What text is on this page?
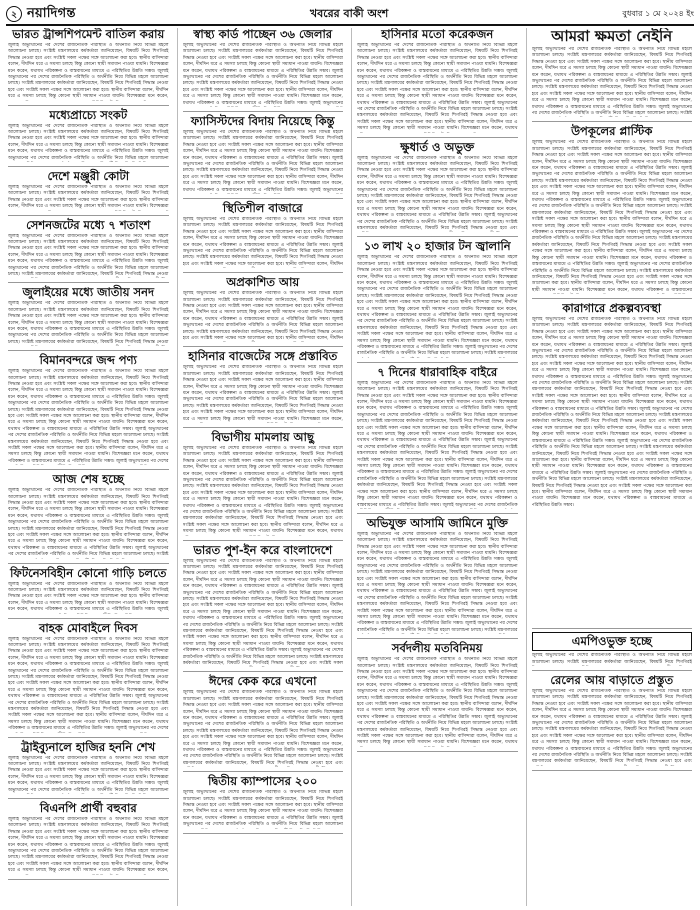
২ নয়াদিগন্ত	খবরের বাকী অংশ	বুধবার ১ মে ২০২৪ ইং
ভারত ট্রান্সশিপমেন্ট বাতিল করায়

জুলাই অভ্যুত্থানের পর দেশের রাজনৈতিক পরিস্থিতি ও অর্থনীতি নিয়ে বিভিন্ন মহলে আলোচনা চলছে। সংশ্লিষ্ট মন্ত্রণালয়ের কর্মকর্তারা জানিয়েছেন, বিষয়টি নিয়ে শিগগিরই সিদ্ধান্ত নেওয়া হবে এবং সংশ্লিষ্ট সকল পক্ষের সঙ্গে আলোচনা করা হবে। স্থানীয় বাসিন্দারা বলেন, দীর্ঘদিন ধরে এ সমস্যা চলছে কিন্তু কোনো স্থায়ী সমাধান পাওয়া যায়নি। বিশেষজ্ঞরা মনে করেন, যথাযথ পরিকল্পনা ও বাস্তবায়নের মাধ্যমে এ পরিস্থিতির উন্নতি সম্ভব। জুলাই অভ্যুত্থানের পর দেশের রাজনৈতিক পরিস্থিতি ও অর্থনীতি নিয়ে বিভিন্ন মহলে আলোচনা চলছে। সংশ্লিষ্ট মন্ত্রণালয়ের কর্মকর্তারা জানিয়েছেন, বিষয়টি নিয়ে শিগগিরই সিদ্ধান্ত নেওয়া হবে এবং সংশ্লিষ্ট সকল পক্ষের সঙ্গে আলোচনা করা হবে। স্থানীয় বাসিন্দারা বলেন, দীর্ঘদিন ধরে এ সমস্যা চলছে কিন্তু কোনো স্থায়ী সমাধান পাওয়া যায়নি। বিশেষজ্ঞরা মনে করেন,

মধ্যেপ্রাচ্যে সংকট

জুলাই অভ্যুত্থানের পর দেশের রাজনৈতিক পরিস্থিতি ও অর্থনীতি নিয়ে বিভিন্ন মহলে আলোচনা চলছে। সংশ্লিষ্ট মন্ত্রণালয়ের কর্মকর্তারা জানিয়েছেন, বিষয়টি নিয়ে শিগগিরই সিদ্ধান্ত নেওয়া হবে এবং সংশ্লিষ্ট সকল পক্ষের সঙ্গে আলোচনা করা হবে। স্থানীয় বাসিন্দারা বলেন, দীর্ঘদিন ধরে এ সমস্যা চলছে কিন্তু কোনো স্থায়ী সমাধান পাওয়া যায়নি। বিশেষজ্ঞরা মনে করেন, যথাযথ পরিকল্পনা ও বাস্তবায়নের মাধ্যমে এ পরিস্থিতির উন্নতি সম্ভব। জুলাই অভ্যুত্থানের পর দেশের রাজনৈতিক পরিস্থিতি ও অর্থনীতি নিয়ে বিভিন্ন মহলে আলোচনা

দেশে মঞ্জুরী কোটা

জুলাই অভ্যুত্থানের পর দেশের রাজনৈতিক পরিস্থিতি ও অর্থনীতি নিয়ে বিভিন্ন মহলে আলোচনা চলছে। সংশ্লিষ্ট মন্ত্রণালয়ের কর্মকর্তারা জানিয়েছেন, বিষয়টি নিয়ে শিগগিরই সিদ্ধান্ত নেওয়া হবে এবং সংশ্লিষ্ট সকল পক্ষের সঙ্গে আলোচনা করা হবে। স্থানীয় বাসিন্দারা বলেন, দীর্ঘদিন ধরে এ সমস্যা চলছে কিন্তু কোনো স্থায়ী সমাধান পাওয়া যায়নি। বিশেষজ্ঞরা

সেশনজটের মধ্যে ৭ শতাংশ

জুলাই অভ্যুত্থানের পর দেশের রাজনৈতিক পরিস্থিতি ও অর্থনীতি নিয়ে বিভিন্ন মহলে আলোচনা চলছে। সংশ্লিষ্ট মন্ত্রণালয়ের কর্মকর্তারা জানিয়েছেন, বিষয়টি নিয়ে শিগগিরই সিদ্ধান্ত নেওয়া হবে এবং সংশ্লিষ্ট সকল পক্ষের সঙ্গে আলোচনা করা হবে। স্থানীয় বাসিন্দারা বলেন, দীর্ঘদিন ধরে এ সমস্যা চলছে কিন্তু কোনো স্থায়ী সমাধান পাওয়া যায়নি। বিশেষজ্ঞরা মনে করেন, যথাযথ পরিকল্পনা ও বাস্তবায়নের মাধ্যমে এ পরিস্থিতির উন্নতি সম্ভব। জুলাই অভ্যুত্থানের পর দেশের রাজনৈতিক পরিস্থিতি ও অর্থনীতি নিয়ে বিভিন্ন মহলে আলোচনা চলছে। সংশ্লিষ্ট মন্ত্রণালয়ের কর্মকর্তারা জানিয়েছেন, বিষয়টি নিয়ে শিগগিরই সিদ্ধান্ত নেওয়া

জুলাইয়ের মধ্যে জাতীয় সনদ

জুলাই অভ্যুত্থানের পর দেশের রাজনৈতিক পরিস্থিতি ও অর্থনীতি নিয়ে বিভিন্ন মহলে আলোচনা চলছে। সংশ্লিষ্ট মন্ত্রণালয়ের কর্মকর্তারা জানিয়েছেন, বিষয়টি নিয়ে শিগগিরই সিদ্ধান্ত নেওয়া হবে এবং সংশ্লিষ্ট সকল পক্ষের সঙ্গে আলোচনা করা হবে। স্থানীয় বাসিন্দারা বলেন, দীর্ঘদিন ধরে এ সমস্যা চলছে কিন্তু কোনো স্থায়ী সমাধান পাওয়া যায়নি। বিশেষজ্ঞরা মনে করেন, যথাযথ পরিকল্পনা ও বাস্তবায়নের মাধ্যমে এ পরিস্থিতির উন্নতি সম্ভব। জুলাই অভ্যুত্থানের পর দেশের রাজনৈতিক পরিস্থিতি ও অর্থনীতি নিয়ে বিভিন্ন মহলে আলোচনা চলছে। সংশ্লিষ্ট মন্ত্রণালয়ের কর্মকর্তারা জানিয়েছেন, বিষয়টি নিয়ে শিগগিরই সিদ্ধান্ত নেওয়া

বিমানবন্দরে জব্দ পণ্য

জুলাই অভ্যুত্থানের পর দেশের রাজনৈতিক পরিস্থিতি ও অর্থনীতি নিয়ে বিভিন্ন মহলে আলোচনা চলছে। সংশ্লিষ্ট মন্ত্রণালয়ের কর্মকর্তারা জানিয়েছেন, বিষয়টি নিয়ে শিগগিরই সিদ্ধান্ত নেওয়া হবে এবং সংশ্লিষ্ট সকল পক্ষের সঙ্গে আলোচনা করা হবে। স্থানীয় বাসিন্দারা বলেন, দীর্ঘদিন ধরে এ সমস্যা চলছে কিন্তু কোনো স্থায়ী সমাধান পাওয়া যায়নি। বিশেষজ্ঞরা মনে করেন, যথাযথ পরিকল্পনা ও বাস্তবায়নের মাধ্যমে এ পরিস্থিতির উন্নতি সম্ভব। জুলাই অভ্যুত্থানের পর দেশের রাজনৈতিক পরিস্থিতি ও অর্থনীতি নিয়ে বিভিন্ন মহলে আলোচনা চলছে। সংশ্লিষ্ট মন্ত্রণালয়ের কর্মকর্তারা জানিয়েছেন, বিষয়টি নিয়ে শিগগিরই সিদ্ধান্ত নেওয়া হবে এবং সংশ্লিষ্ট সকল পক্ষের সঙ্গে আলোচনা করা হবে। স্থানীয় বাসিন্দারা বলেন, দীর্ঘদিন ধরে এ সমস্যা চলছে কিন্তু কোনো স্থায়ী সমাধান পাওয়া যায়নি। বিশেষজ্ঞরা মনে করেন, যথাযথ পরিকল্পনা ও বাস্তবায়নের মাধ্যমে এ পরিস্থিতির উন্নতি সম্ভব। জুলাই অভ্যুত্থানের পর দেশের রাজনৈতিক পরিস্থিতি ও অর্থনীতি নিয়ে বিভিন্ন মহলে আলোচনা চলছে। সংশ্লিষ্ট মন্ত্রণালয়ের কর্মকর্তারা জানিয়েছেন, বিষয়টি নিয়ে শিগগিরই সিদ্ধান্ত নেওয়া হবে এবং সংশ্লিষ্ট সকল পক্ষের সঙ্গে আলোচনা করা হবে। স্থানীয় বাসিন্দারা বলেন, দীর্ঘদিন ধরে এ সমস্যা চলছে কিন্তু কোনো স্থায়ী সমাধান পাওয়া যায়নি। বিশেষজ্ঞরা মনে করেন, যথাযথ পরিকল্পনা ও বাস্তবায়নের মাধ্যমে এ পরিস্থিতির উন্নতি সম্ভব। জুলাই অভ্যুত্থানের পর দেশের

আজ শেষ হচ্ছে

জুলাই অভ্যুত্থানের পর দেশের রাজনৈতিক পরিস্থিতি ও অর্থনীতি নিয়ে বিভিন্ন মহলে আলোচনা চলছে। সংশ্লিষ্ট মন্ত্রণালয়ের কর্মকর্তারা জানিয়েছেন, বিষয়টি নিয়ে শিগগিরই সিদ্ধান্ত নেওয়া হবে এবং সংশ্লিষ্ট সকল পক্ষের সঙ্গে আলোচনা করা হবে। স্থানীয় বাসিন্দারা বলেন, দীর্ঘদিন ধরে এ সমস্যা চলছে কিন্তু কোনো স্থায়ী সমাধান পাওয়া যায়নি। বিশেষজ্ঞরা মনে করেন, যথাযথ পরিকল্পনা ও বাস্তবায়নের মাধ্যমে এ পরিস্থিতির উন্নতি সম্ভব। জুলাই অভ্যুত্থানের পর দেশের রাজনৈতিক পরিস্থিতি ও অর্থনীতি নিয়ে বিভিন্ন মহলে আলোচনা চলছে। সংশ্লিষ্ট মন্ত্রণালয়ের কর্মকর্তারা জানিয়েছেন, বিষয়টি নিয়ে শিগগিরই সিদ্ধান্ত নেওয়া হবে এবং সংশ্লিষ্ট সকল পক্ষের সঙ্গে আলোচনা করা হবে। স্থানীয় বাসিন্দারা বলেন, দীর্ঘদিন ধরে এ সমস্যা চলছে কিন্তু কোনো স্থায়ী সমাধান পাওয়া যায়নি। বিশেষজ্ঞরা মনে করেন, যথাযথ পরিকল্পনা ও বাস্তবায়নের মাধ্যমে এ পরিস্থিতির উন্নতি সম্ভব। জুলাই অভ্যুত্থানের পর দেশের রাজনৈতিক পরিস্থিতি ও অর্থনীতি নিয়ে বিভিন্ন মহলে আলোচনা চলছে। সংশ্লিষ্ট

ফিটনেসবিহীন কোনো গাড়ি চলতে

জুলাই অভ্যুত্থানের পর দেশের রাজনৈতিক পরিস্থিতি ও অর্থনীতি নিয়ে বিভিন্ন মহলে আলোচনা চলছে। সংশ্লিষ্ট মন্ত্রণালয়ের কর্মকর্তারা জানিয়েছেন, বিষয়টি নিয়ে শিগগিরই সিদ্ধান্ত নেওয়া হবে এবং সংশ্লিষ্ট সকল পক্ষের সঙ্গে আলোচনা করা হবে। স্থানীয় বাসিন্দারা বলেন, দীর্ঘদিন ধরে এ সমস্যা চলছে কিন্তু কোনো স্থায়ী সমাধান পাওয়া যায়নি। বিশেষজ্ঞরা মনে করেন, যথাযথ পরিকল্পনা ও বাস্তবায়নের মাধ্যমে এ পরিস্থিতির উন্নতি সম্ভব। জুলাই

বাহক মোবাইলে দিবস

জুলাই অভ্যুত্থানের পর দেশের রাজনৈতিক পরিস্থিতি ও অর্থনীতি নিয়ে বিভিন্ন মহলে আলোচনা চলছে। সংশ্লিষ্ট মন্ত্রণালয়ের কর্মকর্তারা জানিয়েছেন, বিষয়টি নিয়ে শিগগিরই সিদ্ধান্ত নেওয়া হবে এবং সংশ্লিষ্ট সকল পক্ষের সঙ্গে আলোচনা করা হবে। স্থানীয় বাসিন্দারা বলেন, দীর্ঘদিন ধরে এ সমস্যা চলছে কিন্তু কোনো স্থায়ী সমাধান পাওয়া যায়নি। বিশেষজ্ঞরা মনে করেন, যথাযথ পরিকল্পনা ও বাস্তবায়নের মাধ্যমে এ পরিস্থিতির উন্নতি সম্ভব। জুলাই অভ্যুত্থানের পর দেশের রাজনৈতিক পরিস্থিতি ও অর্থনীতি নিয়ে বিভিন্ন মহলে আলোচনা চলছে। সংশ্লিষ্ট মন্ত্রণালয়ের কর্মকর্তারা জানিয়েছেন, বিষয়টি নিয়ে শিগগিরই সিদ্ধান্ত নেওয়া হবে এবং সংশ্লিষ্ট সকল পক্ষের সঙ্গে আলোচনা করা হবে। স্থানীয় বাসিন্দারা বলেন, দীর্ঘদিন ধরে এ সমস্যা চলছে কিন্তু কোনো স্থায়ী সমাধান পাওয়া যায়নি। বিশেষজ্ঞরা মনে করেন, যথাযথ পরিকল্পনা ও বাস্তবায়নের মাধ্যমে এ পরিস্থিতির উন্নতি সম্ভব। জুলাই অভ্যুত্থানের পর দেশের রাজনৈতিক পরিস্থিতি ও অর্থনীতি নিয়ে বিভিন্ন মহলে আলোচনা চলছে। সংশ্লিষ্ট মন্ত্রণালয়ের কর্মকর্তারা জানিয়েছেন, বিষয়টি নিয়ে শিগগিরই সিদ্ধান্ত নেওয়া হবে এবং সংশ্লিষ্ট সকল পক্ষের সঙ্গে আলোচনা করা হবে। স্থানীয় বাসিন্দারা বলেন, দীর্ঘদিন ধরে এ সমস্যা চলছে কিন্তু কোনো স্থায়ী সমাধান পাওয়া যায়নি। বিশেষজ্ঞরা মনে করেন, যথাযথ পরিকল্পনা ও বাস্তবায়নের মাধ্যমে এ পরিস্থিতির উন্নতি সম্ভব। জুলাই অভ্যুত্থানের পর দেশের

ট্রাইব্যুনালে হাজির হননি শেখ

জুলাই অভ্যুত্থানের পর দেশের রাজনৈতিক পরিস্থিতি ও অর্থনীতি নিয়ে বিভিন্ন মহলে আলোচনা চলছে। সংশ্লিষ্ট মন্ত্রণালয়ের কর্মকর্তারা জানিয়েছেন, বিষয়টি নিয়ে শিগগিরই সিদ্ধান্ত নেওয়া হবে এবং সংশ্লিষ্ট সকল পক্ষের সঙ্গে আলোচনা করা হবে। স্থানীয় বাসিন্দারা বলেন, দীর্ঘদিন ধরে এ সমস্যা চলছে কিন্তু কোনো স্থায়ী সমাধান পাওয়া যায়নি। বিশেষজ্ঞরা মনে করেন, যথাযথ পরিকল্পনা ও বাস্তবায়নের মাধ্যমে এ পরিস্থিতির উন্নতি সম্ভব। জুলাই অভ্যুত্থানের পর দেশের রাজনৈতিক পরিস্থিতি ও অর্থনীতি নিয়ে বিভিন্ন মহলে আলোচনা

বিএনপি প্রার্থী বহুবার

জুলাই অভ্যুত্থানের পর দেশের রাজনৈতিক পরিস্থিতি ও অর্থনীতি নিয়ে বিভিন্ন মহলে আলোচনা চলছে। সংশ্লিষ্ট মন্ত্রণালয়ের কর্মকর্তারা জানিয়েছেন, বিষয়টি নিয়ে শিগগিরই সিদ্ধান্ত নেওয়া হবে এবং সংশ্লিষ্ট সকল পক্ষের সঙ্গে আলোচনা করা হবে। স্থানীয় বাসিন্দারা বলেন, দীর্ঘদিন ধরে এ সমস্যা চলছে কিন্তু কোনো স্থায়ী সমাধান পাওয়া যায়নি। বিশেষজ্ঞরা মনে করেন, যথাযথ পরিকল্পনা ও বাস্তবায়নের মাধ্যমে এ পরিস্থিতির উন্নতি সম্ভব। জুলাই অভ্যুত্থানের পর দেশের রাজনৈতিক পরিস্থিতি ও অর্থনীতি নিয়ে বিভিন্ন মহলে আলোচনা চলছে। সংশ্লিষ্ট মন্ত্রণালয়ের কর্মকর্তারা জানিয়েছেন, বিষয়টি নিয়ে শিগগিরই সিদ্ধান্ত নেওয়া হবে এবং সংশ্লিষ্ট সকল পক্ষের সঙ্গে আলোচনা করা হবে। স্থানীয় বাসিন্দারা বলেন, দীর্ঘদিন ধরে এ সমস্যা চলছে কিন্তু কোনো স্থায়ী সমাধান পাওয়া যায়নি। বিশেষজ্ঞরা মনে করেন,

স্বাস্থ্য কার্ড পাচ্ছেন ৩৬ জেলার

জুলাই অভ্যুত্থানের পর দেশের রাজনৈতিক পরিস্থিতি ও অর্থনীতি নিয়ে বিভিন্ন মহলে আলোচনা চলছে। সংশ্লিষ্ট মন্ত্রণালয়ের কর্মকর্তারা জানিয়েছেন, বিষয়টি নিয়ে শিগগিরই সিদ্ধান্ত নেওয়া হবে এবং সংশ্লিষ্ট সকল পক্ষের সঙ্গে আলোচনা করা হবে। স্থানীয় বাসিন্দারা বলেন, দীর্ঘদিন ধরে এ সমস্যা চলছে কিন্তু কোনো স্থায়ী সমাধান পাওয়া যায়নি। বিশেষজ্ঞরা মনে করেন, যথাযথ পরিকল্পনা ও বাস্তবায়নের মাধ্যমে এ পরিস্থিতির উন্নতি সম্ভব। জুলাই অভ্যুত্থানের পর দেশের রাজনৈতিক পরিস্থিতি ও অর্থনীতি নিয়ে বিভিন্ন মহলে আলোচনা চলছে। সংশ্লিষ্ট মন্ত্রণালয়ের কর্মকর্তারা জানিয়েছেন, বিষয়টি নিয়ে শিগগিরই সিদ্ধান্ত নেওয়া হবে এবং সংশ্লিষ্ট সকল পক্ষের সঙ্গে আলোচনা করা হবে। স্থানীয় বাসিন্দারা বলেন, দীর্ঘদিন ধরে এ সমস্যা চলছে কিন্তু কোনো স্থায়ী সমাধান পাওয়া যায়নি। বিশেষজ্ঞরা মনে করেন, যথাযথ পরিকল্পনা ও বাস্তবায়নের মাধ্যমে এ পরিস্থিতির উন্নতি সম্ভব। জুলাই অভ্যুত্থানের

ফ্যাসিস্টদের বিদায় নিয়েছে কিন্তু

জুলাই অভ্যুত্থানের পর দেশের রাজনৈতিক পরিস্থিতি ও অর্থনীতি নিয়ে বিভিন্ন মহলে আলোচনা চলছে। সংশ্লিষ্ট মন্ত্রণালয়ের কর্মকর্তারা জানিয়েছেন, বিষয়টি নিয়ে শিগগিরই সিদ্ধান্ত নেওয়া হবে এবং সংশ্লিষ্ট সকল পক্ষের সঙ্গে আলোচনা করা হবে। স্থানীয় বাসিন্দারা বলেন, দীর্ঘদিন ধরে এ সমস্যা চলছে কিন্তু কোনো স্থায়ী সমাধান পাওয়া যায়নি। বিশেষজ্ঞরা মনে করেন, যথাযথ পরিকল্পনা ও বাস্তবায়নের মাধ্যমে এ পরিস্থিতির উন্নতি সম্ভব। জুলাই অভ্যুত্থানের পর দেশের রাজনৈতিক পরিস্থিতি ও অর্থনীতি নিয়ে বিভিন্ন মহলে আলোচনা চলছে। সংশ্লিষ্ট মন্ত্রণালয়ের কর্মকর্তারা জানিয়েছেন, বিষয়টি নিয়ে শিগগিরই সিদ্ধান্ত নেওয়া হবে এবং সংশ্লিষ্ট সকল পক্ষের সঙ্গে আলোচনা করা হবে। স্থানীয় বাসিন্দারা বলেন, দীর্ঘদিন ধরে এ সমস্যা চলছে কিন্তু কোনো স্থায়ী সমাধান পাওয়া যায়নি। বিশেষজ্ঞরা মনে করেন, যথাযথ পরিকল্পনা ও বাস্তবায়নের মাধ্যমে এ পরিস্থিতির উন্নতি সম্ভব। জুলাই অভ্যুত্থানের

স্থিতিশীল বাজারে

জুলাই অভ্যুত্থানের পর দেশের রাজনৈতিক পরিস্থিতি ও অর্থনীতি নিয়ে বিভিন্ন মহলে আলোচনা চলছে। সংশ্লিষ্ট মন্ত্রণালয়ের কর্মকর্তারা জানিয়েছেন, বিষয়টি নিয়ে শিগগিরই সিদ্ধান্ত নেওয়া হবে এবং সংশ্লিষ্ট সকল পক্ষের সঙ্গে আলোচনা করা হবে। স্থানীয় বাসিন্দারা বলেন, দীর্ঘদিন ধরে এ সমস্যা চলছে কিন্তু কোনো স্থায়ী সমাধান পাওয়া যায়নি। বিশেষজ্ঞরা মনে করেন, যথাযথ পরিকল্পনা ও বাস্তবায়নের মাধ্যমে এ পরিস্থিতির উন্নতি সম্ভব। জুলাই অভ্যুত্থানের পর দেশের রাজনৈতিক পরিস্থিতি ও অর্থনীতি নিয়ে বিভিন্ন মহলে আলোচনা চলছে। সংশ্লিষ্ট মন্ত্রণালয়ের কর্মকর্তারা জানিয়েছেন, বিষয়টি নিয়ে শিগগিরই সিদ্ধান্ত নেওয়া হবে এবং সংশ্লিষ্ট সকল পক্ষের সঙ্গে আলোচনা করা হবে। স্থানীয় বাসিন্দারা বলেন, দীর্ঘদিন

অপ্রকাশিত আয়

জুলাই অভ্যুত্থানের পর দেশের রাজনৈতিক পরিস্থিতি ও অর্থনীতি নিয়ে বিভিন্ন মহলে আলোচনা চলছে। সংশ্লিষ্ট মন্ত্রণালয়ের কর্মকর্তারা জানিয়েছেন, বিষয়টি নিয়ে শিগগিরই সিদ্ধান্ত নেওয়া হবে এবং সংশ্লিষ্ট সকল পক্ষের সঙ্গে আলোচনা করা হবে। স্থানীয় বাসিন্দারা বলেন, দীর্ঘদিন ধরে এ সমস্যা চলছে কিন্তু কোনো স্থায়ী সমাধান পাওয়া যায়নি। বিশেষজ্ঞরা মনে করেন, যথাযথ পরিকল্পনা ও বাস্তবায়নের মাধ্যমে এ পরিস্থিতির উন্নতি সম্ভব। জুলাই অভ্যুত্থানের পর দেশের রাজনৈতিক পরিস্থিতি ও অর্থনীতি নিয়ে বিভিন্ন মহলে আলোচনা চলছে। সংশ্লিষ্ট মন্ত্রণালয়ের কর্মকর্তারা জানিয়েছেন, বিষয়টি নিয়ে শিগগিরই সিদ্ধান্ত নেওয়া হবে এবং সংশ্লিষ্ট সকল পক্ষের সঙ্গে আলোচনা করা হবে। স্থানীয় বাসিন্দারা বলেন, দীর্ঘদিন

হাসিনার বাজেটের সঙ্গে প্রস্তাবিত

জুলাই অভ্যুত্থানের পর দেশের রাজনৈতিক পরিস্থিতি ও অর্থনীতি নিয়ে বিভিন্ন মহলে আলোচনা চলছে। সংশ্লিষ্ট মন্ত্রণালয়ের কর্মকর্তারা জানিয়েছেন, বিষয়টি নিয়ে শিগগিরই সিদ্ধান্ত নেওয়া হবে এবং সংশ্লিষ্ট সকল পক্ষের সঙ্গে আলোচনা করা হবে। স্থানীয় বাসিন্দারা বলেন, দীর্ঘদিন ধরে এ সমস্যা চলছে কিন্তু কোনো স্থায়ী সমাধান পাওয়া যায়নি। বিশেষজ্ঞরা মনে করেন, যথাযথ পরিকল্পনা ও বাস্তবায়নের মাধ্যমে এ পরিস্থিতির উন্নতি সম্ভব। জুলাই অভ্যুত্থানের পর দেশের রাজনৈতিক পরিস্থিতি ও অর্থনীতি নিয়ে বিভিন্ন মহলে আলোচনা চলছে। সংশ্লিষ্ট মন্ত্রণালয়ের কর্মকর্তারা জানিয়েছেন, বিষয়টি নিয়ে শিগগিরই সিদ্ধান্ত নেওয়া হবে এবং সংশ্লিষ্ট সকল পক্ষের সঙ্গে আলোচনা করা হবে। স্থানীয় বাসিন্দারা বলেন, দীর্ঘদিন ধরে এ সমস্যা চলছে কিন্তু কোনো স্থায়ী সমাধান পাওয়া যায়নি। বিশেষজ্ঞরা মনে করেন,

বিভাগীয় মামলায় আছু

জুলাই অভ্যুত্থানের পর দেশের রাজনৈতিক পরিস্থিতি ও অর্থনীতি নিয়ে বিভিন্ন মহলে আলোচনা চলছে। সংশ্লিষ্ট মন্ত্রণালয়ের কর্মকর্তারা জানিয়েছেন, বিষয়টি নিয়ে শিগগিরই সিদ্ধান্ত নেওয়া হবে এবং সংশ্লিষ্ট সকল পক্ষের সঙ্গে আলোচনা করা হবে। স্থানীয় বাসিন্দারা বলেন, দীর্ঘদিন ধরে এ সমস্যা চলছে কিন্তু কোনো স্থায়ী সমাধান পাওয়া যায়নি। বিশেষজ্ঞরা মনে করেন, যথাযথ পরিকল্পনা ও বাস্তবায়নের মাধ্যমে এ পরিস্থিতির উন্নতি সম্ভব। জুলাই অভ্যুত্থানের পর দেশের রাজনৈতিক পরিস্থিতি ও অর্থনীতি নিয়ে বিভিন্ন মহলে আলোচনা চলছে। সংশ্লিষ্ট মন্ত্রণালয়ের কর্মকর্তারা জানিয়েছেন, বিষয়টি নিয়ে শিগগিরই সিদ্ধান্ত নেওয়া হবে এবং সংশ্লিষ্ট সকল পক্ষের সঙ্গে আলোচনা করা হবে। স্থানীয় বাসিন্দারা বলেন, দীর্ঘদিন ধরে এ সমস্যা চলছে কিন্তু কোনো স্থায়ী সমাধান পাওয়া যায়নি। বিশেষজ্ঞরা মনে করেন, যথাযথ পরিকল্পনা ও বাস্তবায়নের মাধ্যমে এ পরিস্থিতির উন্নতি সম্ভব। জুলাই অভ্যুত্থানের পর দেশের রাজনৈতিক পরিস্থিতি ও অর্থনীতি নিয়ে বিভিন্ন মহলে আলোচনা চলছে। সংশ্লিষ্ট মন্ত্রণালয়ের কর্মকর্তারা জানিয়েছেন, বিষয়টি নিয়ে শিগগিরই সিদ্ধান্ত নেওয়া হবে এবং সংশ্লিষ্ট সকল পক্ষের সঙ্গে আলোচনা করা হবে। স্থানীয় বাসিন্দারা বলেন, দীর্ঘদিন ধরে এ সমস্যা চলছে কিন্তু কোনো স্থায়ী সমাধান পাওয়া যায়নি। বিশেষজ্ঞরা মনে করেন, যথাযথ

ভারত পুশ-ইন করে বাংলাদেশে

জুলাই অভ্যুত্থানের পর দেশের রাজনৈতিক পরিস্থিতি ও অর্থনীতি নিয়ে বিভিন্ন মহলে আলোচনা চলছে। সংশ্লিষ্ট মন্ত্রণালয়ের কর্মকর্তারা জানিয়েছেন, বিষয়টি নিয়ে শিগগিরই সিদ্ধান্ত নেওয়া হবে এবং সংশ্লিষ্ট সকল পক্ষের সঙ্গে আলোচনা করা হবে। স্থানীয় বাসিন্দারা বলেন, দীর্ঘদিন ধরে এ সমস্যা চলছে কিন্তু কোনো স্থায়ী সমাধান পাওয়া যায়নি। বিশেষজ্ঞরা মনে করেন, যথাযথ পরিকল্পনা ও বাস্তবায়নের মাধ্যমে এ পরিস্থিতির উন্নতি সম্ভব। জুলাই অভ্যুত্থানের পর দেশের রাজনৈতিক পরিস্থিতি ও অর্থনীতি নিয়ে বিভিন্ন মহলে আলোচনা চলছে। সংশ্লিষ্ট মন্ত্রণালয়ের কর্মকর্তারা জানিয়েছেন, বিষয়টি নিয়ে শিগগিরই সিদ্ধান্ত নেওয়া হবে এবং সংশ্লিষ্ট সকল পক্ষের সঙ্গে আলোচনা করা হবে। স্থানীয় বাসিন্দারা বলেন, দীর্ঘদিন ধরে এ সমস্যা চলছে কিন্তু কোনো স্থায়ী সমাধান পাওয়া যায়নি। বিশেষজ্ঞরা মনে করেন, যথাযথ পরিকল্পনা ও বাস্তবায়নের মাধ্যমে এ পরিস্থিতির উন্নতি সম্ভব। জুলাই অভ্যুত্থানের পর দেশের রাজনৈতিক পরিস্থিতি ও অর্থনীতি নিয়ে বিভিন্ন মহলে আলোচনা চলছে। সংশ্লিষ্ট মন্ত্রণালয়ের কর্মকর্তারা জানিয়েছেন, বিষয়টি নিয়ে শিগগিরই সিদ্ধান্ত নেওয়া হবে এবং সংশ্লিষ্ট সকল পক্ষের সঙ্গে আলোচনা করা হবে। স্থানীয় বাসিন্দারা বলেন, দীর্ঘদিন ধরে এ সমস্যা চলছে কিন্তু কোনো স্থায়ী সমাধান পাওয়া যায়নি। বিশেষজ্ঞরা মনে করেন, যথাযথ পরিকল্পনা ও বাস্তবায়নের মাধ্যমে এ পরিস্থিতির উন্নতি সম্ভব। জুলাই অভ্যুত্থানের পর দেশের রাজনৈতিক পরিস্থিতি ও অর্থনীতি নিয়ে বিভিন্ন মহলে আলোচনা চলছে। সংশ্লিষ্ট মন্ত্রণালয়ের কর্মকর্তারা জানিয়েছেন, বিষয়টি নিয়ে শিগগিরই সিদ্ধান্ত নেওয়া হবে এবং সংশ্লিষ্ট সকল

ঈদের কেক করে এখনো

জুলাই অভ্যুত্থানের পর দেশের রাজনৈতিক পরিস্থিতি ও অর্থনীতি নিয়ে বিভিন্ন মহলে আলোচনা চলছে। সংশ্লিষ্ট মন্ত্রণালয়ের কর্মকর্তারা জানিয়েছেন, বিষয়টি নিয়ে শিগগিরই সিদ্ধান্ত নেওয়া হবে এবং সংশ্লিষ্ট সকল পক্ষের সঙ্গে আলোচনা করা হবে। স্থানীয় বাসিন্দারা বলেন, দীর্ঘদিন ধরে এ সমস্যা চলছে কিন্তু কোনো স্থায়ী সমাধান পাওয়া যায়নি। বিশেষজ্ঞরা মনে করেন, যথাযথ পরিকল্পনা ও বাস্তবায়নের মাধ্যমে এ পরিস্থিতির উন্নতি সম্ভব। জুলাই অভ্যুত্থানের পর দেশের রাজনৈতিক পরিস্থিতি ও অর্থনীতি নিয়ে বিভিন্ন মহলে আলোচনা চলছে। সংশ্লিষ্ট মন্ত্রণালয়ের কর্মকর্তারা জানিয়েছেন, বিষয়টি নিয়ে শিগগিরই সিদ্ধান্ত নেওয়া হবে এবং সংশ্লিষ্ট সকল পক্ষের সঙ্গে আলোচনা করা হবে। স্থানীয় বাসিন্দারা বলেন, দীর্ঘদিন ধরে এ সমস্যা চলছে কিন্তু কোনো স্থায়ী সমাধান পাওয়া যায়নি। বিশেষজ্ঞরা মনে করেন, যথাযথ পরিকল্পনা ও বাস্তবায়নের মাধ্যমে এ পরিস্থিতির উন্নতি সম্ভব। জুলাই অভ্যুত্থানের পর দেশের রাজনৈতিক পরিস্থিতি ও অর্থনীতি নিয়ে বিভিন্ন মহলে আলোচনা চলছে। সংশ্লিষ্ট মন্ত্রণালয়ের কর্মকর্তারা জানিয়েছেন, বিষয়টি নিয়ে শিগগিরই সিদ্ধান্ত নেওয়া হবে এবং

দ্বিতীয় ক্যাম্পাসের ২০০

জুলাই অভ্যুত্থানের পর দেশের রাজনৈতিক পরিস্থিতি ও অর্থনীতি নিয়ে বিভিন্ন মহলে আলোচনা চলছে। সংশ্লিষ্ট মন্ত্রণালয়ের কর্মকর্তারা জানিয়েছেন, বিষয়টি নিয়ে শিগগিরই সিদ্ধান্ত নেওয়া হবে এবং সংশ্লিষ্ট সকল পক্ষের সঙ্গে আলোচনা করা হবে। স্থানীয় বাসিন্দারা বলেন, দীর্ঘদিন ধরে এ সমস্যা চলছে কিন্তু কোনো স্থায়ী সমাধান পাওয়া যায়নি। বিশেষজ্ঞরা মনে করেন, যথাযথ পরিকল্পনা ও বাস্তবায়নের মাধ্যমে এ পরিস্থিতির উন্নতি সম্ভব। জুলাই অভ্যুত্থানের পর দেশের রাজনৈতিক পরিস্থিতি ও অর্থনীতি নিয়ে বিভিন্ন মহলে আলোচনা

হাসিনার মতো করেকজন

জুলাই অভ্যুত্থানের পর দেশের রাজনৈতিক পরিস্থিতি ও অর্থনীতি নিয়ে বিভিন্ন মহলে আলোচনা চলছে। সংশ্লিষ্ট মন্ত্রণালয়ের কর্মকর্তারা জানিয়েছেন, বিষয়টি নিয়ে শিগগিরই সিদ্ধান্ত নেওয়া হবে এবং সংশ্লিষ্ট সকল পক্ষের সঙ্গে আলোচনা করা হবে। স্থানীয় বাসিন্দারা বলেন, দীর্ঘদিন ধরে এ সমস্যা চলছে কিন্তু কোনো স্থায়ী সমাধান পাওয়া যায়নি। বিশেষজ্ঞরা মনে করেন, যথাযথ পরিকল্পনা ও বাস্তবায়নের মাধ্যমে এ পরিস্থিতির উন্নতি সম্ভব। জুলাই অভ্যুত্থানের পর দেশের রাজনৈতিক পরিস্থিতি ও অর্থনীতি নিয়ে বিভিন্ন মহলে আলোচনা চলছে। সংশ্লিষ্ট মন্ত্রণালয়ের কর্মকর্তারা জানিয়েছেন, বিষয়টি নিয়ে শিগগিরই সিদ্ধান্ত নেওয়া হবে এবং সংশ্লিষ্ট সকল পক্ষের সঙ্গে আলোচনা করা হবে। স্থানীয় বাসিন্দারা বলেন, দীর্ঘদিন ধরে এ সমস্যা চলছে কিন্তু কোনো স্থায়ী সমাধান পাওয়া যায়নি। বিশেষজ্ঞরা মনে করেন, যথাযথ পরিকল্পনা ও বাস্তবায়নের মাধ্যমে এ পরিস্থিতির উন্নতি সম্ভব। জুলাই অভ্যুত্থানের পর দেশের রাজনৈতিক পরিস্থিতি ও অর্থনীতি নিয়ে বিভিন্ন মহলে আলোচনা চলছে। সংশ্লিষ্ট মন্ত্রণালয়ের কর্মকর্তারা জানিয়েছেন, বিষয়টি নিয়ে শিগগিরই সিদ্ধান্ত নেওয়া হবে এবং সংশ্লিষ্ট সকল পক্ষের সঙ্গে আলোচনা করা হবে। স্থানীয় বাসিন্দারা বলেন, দীর্ঘদিন ধরে এ সমস্যা চলছে কিন্তু কোনো স্থায়ী সমাধান পাওয়া যায়নি। বিশেষজ্ঞরা মনে করেন, যথাযথ

ক্ষুধার্ত ও অভুক্ত

জুলাই অভ্যুত্থানের পর দেশের রাজনৈতিক পরিস্থিতি ও অর্থনীতি নিয়ে বিভিন্ন মহলে আলোচনা চলছে। সংশ্লিষ্ট মন্ত্রণালয়ের কর্মকর্তারা জানিয়েছেন, বিষয়টি নিয়ে শিগগিরই সিদ্ধান্ত নেওয়া হবে এবং সংশ্লিষ্ট সকল পক্ষের সঙ্গে আলোচনা করা হবে। স্থানীয় বাসিন্দারা বলেন, দীর্ঘদিন ধরে এ সমস্যা চলছে কিন্তু কোনো স্থায়ী সমাধান পাওয়া যায়নি। বিশেষজ্ঞরা মনে করেন, যথাযথ পরিকল্পনা ও বাস্তবায়নের মাধ্যমে এ পরিস্থিতির উন্নতি সম্ভব। জুলাই অভ্যুত্থানের পর দেশের রাজনৈতিক পরিস্থিতি ও অর্থনীতি নিয়ে বিভিন্ন মহলে আলোচনা চলছে। সংশ্লিষ্ট মন্ত্রণালয়ের কর্মকর্তারা জানিয়েছেন, বিষয়টি নিয়ে শিগগিরই সিদ্ধান্ত নেওয়া হবে এবং সংশ্লিষ্ট সকল পক্ষের সঙ্গে আলোচনা করা হবে। স্থানীয় বাসিন্দারা বলেন, দীর্ঘদিন ধরে এ সমস্যা চলছে কিন্তু কোনো স্থায়ী সমাধান পাওয়া যায়নি। বিশেষজ্ঞরা মনে করেন, যথাযথ পরিকল্পনা ও বাস্তবায়নের মাধ্যমে এ পরিস্থিতির উন্নতি সম্ভব। জুলাই অভ্যুত্থানের পর দেশের রাজনৈতিক পরিস্থিতি ও অর্থনীতি নিয়ে বিভিন্ন মহলে আলোচনা চলছে। সংশ্লিষ্ট মন্ত্রণালয়ের কর্মকর্তারা জানিয়েছেন, বিষয়টি নিয়ে শিগগিরই সিদ্ধান্ত নেওয়া হবে এবং

১৩ লাখ ২০ হাজার টন জ্বালানি

জুলাই অভ্যুত্থানের পর দেশের রাজনৈতিক পরিস্থিতি ও অর্থনীতি নিয়ে বিভিন্ন মহলে আলোচনা চলছে। সংশ্লিষ্ট মন্ত্রণালয়ের কর্মকর্তারা জানিয়েছেন, বিষয়টি নিয়ে শিগগিরই সিদ্ধান্ত নেওয়া হবে এবং সংশ্লিষ্ট সকল পক্ষের সঙ্গে আলোচনা করা হবে। স্থানীয় বাসিন্দারা বলেন, দীর্ঘদিন ধরে এ সমস্যা চলছে কিন্তু কোনো স্থায়ী সমাধান পাওয়া যায়নি। বিশেষজ্ঞরা মনে করেন, যথাযথ পরিকল্পনা ও বাস্তবায়নের মাধ্যমে এ পরিস্থিতির উন্নতি সম্ভব। জুলাই অভ্যুত্থানের পর দেশের রাজনৈতিক পরিস্থিতি ও অর্থনীতি নিয়ে বিভিন্ন মহলে আলোচনা চলছে। সংশ্লিষ্ট মন্ত্রণালয়ের কর্মকর্তারা জানিয়েছেন, বিষয়টি নিয়ে শিগগিরই সিদ্ধান্ত নেওয়া হবে এবং সংশ্লিষ্ট সকল পক্ষের সঙ্গে আলোচনা করা হবে। স্থানীয় বাসিন্দারা বলেন, দীর্ঘদিন ধরে এ সমস্যা চলছে কিন্তু কোনো স্থায়ী সমাধান পাওয়া যায়নি। বিশেষজ্ঞরা মনে করেন, যথাযথ পরিকল্পনা ও বাস্তবায়নের মাধ্যমে এ পরিস্থিতির উন্নতি সম্ভব। জুলাই অভ্যুত্থানের পর দেশের রাজনৈতিক পরিস্থিতি ও অর্থনীতি নিয়ে বিভিন্ন মহলে আলোচনা চলছে। সংশ্লিষ্ট মন্ত্রণালয়ের কর্মকর্তারা জানিয়েছেন, বিষয়টি নিয়ে শিগগিরই সিদ্ধান্ত নেওয়া হবে এবং সংশ্লিষ্ট সকল পক্ষের সঙ্গে আলোচনা করা হবে। স্থানীয় বাসিন্দারা বলেন, দীর্ঘদিন ধরে এ সমস্যা চলছে কিন্তু কোনো স্থায়ী সমাধান পাওয়া যায়নি। বিশেষজ্ঞরা মনে করেন, যথাযথ পরিকল্পনা ও বাস্তবায়নের মাধ্যমে এ পরিস্থিতির উন্নতি সম্ভব। জুলাই অভ্যুত্থানের পর দেশের রাজনৈতিক পরিস্থিতি ও অর্থনীতি নিয়ে বিভিন্ন মহলে আলোচনা চলছে। সংশ্লিষ্ট মন্ত্রণালয়ের

৭ দিনের ধারাবাহিক বাইরে

জুলাই অভ্যুত্থানের পর দেশের রাজনৈতিক পরিস্থিতি ও অর্থনীতি নিয়ে বিভিন্ন মহলে আলোচনা চলছে। সংশ্লিষ্ট মন্ত্রণালয়ের কর্মকর্তারা জানিয়েছেন, বিষয়টি নিয়ে শিগগিরই সিদ্ধান্ত নেওয়া হবে এবং সংশ্লিষ্ট সকল পক্ষের সঙ্গে আলোচনা করা হবে। স্থানীয় বাসিন্দারা বলেন, দীর্ঘদিন ধরে এ সমস্যা চলছে কিন্তু কোনো স্থায়ী সমাধান পাওয়া যায়নি। বিশেষজ্ঞরা মনে করেন, যথাযথ পরিকল্পনা ও বাস্তবায়নের মাধ্যমে এ পরিস্থিতির উন্নতি সম্ভব। জুলাই অভ্যুত্থানের পর দেশের রাজনৈতিক পরিস্থিতি ও অর্থনীতি নিয়ে বিভিন্ন মহলে আলোচনা চলছে। সংশ্লিষ্ট মন্ত্রণালয়ের কর্মকর্তারা জানিয়েছেন, বিষয়টি নিয়ে শিগগিরই সিদ্ধান্ত নেওয়া হবে এবং সংশ্লিষ্ট সকল পক্ষের সঙ্গে আলোচনা করা হবে। স্থানীয় বাসিন্দারা বলেন, দীর্ঘদিন ধরে এ সমস্যা চলছে কিন্তু কোনো স্থায়ী সমাধান পাওয়া যায়নি। বিশেষজ্ঞরা মনে করেন, যথাযথ পরিকল্পনা ও বাস্তবায়নের মাধ্যমে এ পরিস্থিতির উন্নতি সম্ভব। জুলাই অভ্যুত্থানের পর দেশের রাজনৈতিক পরিস্থিতি ও অর্থনীতি নিয়ে বিভিন্ন মহলে আলোচনা চলছে। সংশ্লিষ্ট মন্ত্রণালয়ের কর্মকর্তারা জানিয়েছেন, বিষয়টি নিয়ে শিগগিরই সিদ্ধান্ত নেওয়া হবে এবং সংশ্লিষ্ট সকল পক্ষের সঙ্গে আলোচনা করা হবে। স্থানীয় বাসিন্দারা বলেন, দীর্ঘদিন ধরে এ সমস্যা চলছে কিন্তু কোনো স্থায়ী সমাধান পাওয়া যায়নি। বিশেষজ্ঞরা মনে করেন, যথাযথ পরিকল্পনা ও বাস্তবায়নের মাধ্যমে এ পরিস্থিতির উন্নতি সম্ভব। জুলাই অভ্যুত্থানের পর দেশের রাজনৈতিক পরিস্থিতি ও অর্থনীতি নিয়ে বিভিন্ন মহলে আলোচনা চলছে। সংশ্লিষ্ট মন্ত্রণালয়ের কর্মকর্তারা জানিয়েছেন, বিষয়টি নিয়ে শিগগিরই সিদ্ধান্ত নেওয়া হবে এবং সংশ্লিষ্ট সকল পক্ষের সঙ্গে আলোচনা করা হবে। স্থানীয় বাসিন্দারা বলেন, দীর্ঘদিন ধরে এ সমস্যা চলছে কিন্তু কোনো স্থায়ী সমাধান পাওয়া যায়নি। বিশেষজ্ঞরা মনে করেন, যথাযথ পরিকল্পনা ও বাস্তবায়নের মাধ্যমে এ পরিস্থিতির উন্নতি সম্ভব। জুলাই অভ্যুত্থানের পর দেশের রাজনৈতিক

অভিযুক্ত আসামি জামিনে মুক্তি

জুলাই অভ্যুত্থানের পর দেশের রাজনৈতিক পরিস্থিতি ও অর্থনীতি নিয়ে বিভিন্ন মহলে আলোচনা চলছে। সংশ্লিষ্ট মন্ত্রণালয়ের কর্মকর্তারা জানিয়েছেন, বিষয়টি নিয়ে শিগগিরই সিদ্ধান্ত নেওয়া হবে এবং সংশ্লিষ্ট সকল পক্ষের সঙ্গে আলোচনা করা হবে। স্থানীয় বাসিন্দারা বলেন, দীর্ঘদিন ধরে এ সমস্যা চলছে কিন্তু কোনো স্থায়ী সমাধান পাওয়া যায়নি। বিশেষজ্ঞরা মনে করেন, যথাযথ পরিকল্পনা ও বাস্তবায়নের মাধ্যমে এ পরিস্থিতির উন্নতি সম্ভব। জুলাই অভ্যুত্থানের পর দেশের রাজনৈতিক পরিস্থিতি ও অর্থনীতি নিয়ে বিভিন্ন মহলে আলোচনা চলছে। সংশ্লিষ্ট মন্ত্রণালয়ের কর্মকর্তারা জানিয়েছেন, বিষয়টি নিয়ে শিগগিরই সিদ্ধান্ত নেওয়া হবে এবং সংশ্লিষ্ট সকল পক্ষের সঙ্গে আলোচনা করা হবে। স্থানীয় বাসিন্দারা বলেন, দীর্ঘদিন ধরে এ সমস্যা চলছে কিন্তু কোনো স্থায়ী সমাধান পাওয়া যায়নি। বিশেষজ্ঞরা মনে করেন, যথাযথ পরিকল্পনা ও বাস্তবায়নের মাধ্যমে এ পরিস্থিতির উন্নতি সম্ভব। জুলাই অভ্যুত্থানের পর দেশের রাজনৈতিক পরিস্থিতি ও অর্থনীতি নিয়ে বিভিন্ন মহলে আলোচনা চলছে। সংশ্লিষ্ট মন্ত্রণালয়ের কর্মকর্তারা জানিয়েছেন, বিষয়টি নিয়ে শিগগিরই সিদ্ধান্ত নেওয়া হবে এবং সংশ্লিষ্ট সকল পক্ষের সঙ্গে আলোচনা করা হবে। স্থানীয় বাসিন্দারা বলেন, দীর্ঘদিন ধরে এ সমস্যা চলছে কিন্তু কোনো স্থায়ী সমাধান পাওয়া যায়নি। বিশেষজ্ঞরা মনে করেন, যথাযথ পরিকল্পনা ও বাস্তবায়নের মাধ্যমে এ পরিস্থিতির উন্নতি সম্ভব। জুলাই অভ্যুত্থানের পর দেশের রাজনৈতিক পরিস্থিতি ও অর্থনীতি নিয়ে বিভিন্ন মহলে আলোচনা চলছে। সংশ্লিষ্ট মন্ত্রণালয়ের

সর্বদলীয় মতবিনিময়

জুলাই অভ্যুত্থানের পর দেশের রাজনৈতিক পরিস্থিতি ও অর্থনীতি নিয়ে বিভিন্ন মহলে আলোচনা চলছে। সংশ্লিষ্ট মন্ত্রণালয়ের কর্মকর্তারা জানিয়েছেন, বিষয়টি নিয়ে শিগগিরই সিদ্ধান্ত নেওয়া হবে এবং সংশ্লিষ্ট সকল পক্ষের সঙ্গে আলোচনা করা হবে। স্থানীয় বাসিন্দারা বলেন, দীর্ঘদিন ধরে এ সমস্যা চলছে কিন্তু কোনো স্থায়ী সমাধান পাওয়া যায়নি। বিশেষজ্ঞরা মনে করেন, যথাযথ পরিকল্পনা ও বাস্তবায়নের মাধ্যমে এ পরিস্থিতির উন্নতি সম্ভব। জুলাই অভ্যুত্থানের পর দেশের রাজনৈতিক পরিস্থিতি ও অর্থনীতি নিয়ে বিভিন্ন মহলে আলোচনা চলছে। সংশ্লিষ্ট মন্ত্রণালয়ের কর্মকর্তারা জানিয়েছেন, বিষয়টি নিয়ে শিগগিরই সিদ্ধান্ত নেওয়া হবে এবং সংশ্লিষ্ট সকল পক্ষের সঙ্গে আলোচনা করা হবে। স্থানীয় বাসিন্দারা বলেন, দীর্ঘদিন ধরে এ সমস্যা চলছে কিন্তু কোনো স্থায়ী সমাধান পাওয়া যায়নি। বিশেষজ্ঞরা মনে করেন, যথাযথ পরিকল্পনা ও বাস্তবায়নের মাধ্যমে এ পরিস্থিতির উন্নতি সম্ভব। জুলাই অভ্যুত্থানের পর দেশের রাজনৈতিক পরিস্থিতি ও অর্থনীতি নিয়ে বিভিন্ন মহলে আলোচনা চলছে। সংশ্লিষ্ট মন্ত্রণালয়ের কর্মকর্তারা জানিয়েছেন, বিষয়টি নিয়ে শিগগিরই সিদ্ধান্ত নেওয়া হবে এবং সংশ্লিষ্ট সকল পক্ষের সঙ্গে আলোচনা করা হবে। স্থানীয় বাসিন্দারা বলেন, দীর্ঘদিন ধরে এ সমস্যা চলছে কিন্তু কোনো স্থায়ী সমাধান পাওয়া যায়নি। বিশেষজ্ঞরা মনে করেন, যথাযথ

আমরা ক্ষমতা নেইনি

জুলাই অভ্যুত্থানের পর দেশের রাজনৈতিক পরিস্থিতি ও অর্থনীতি নিয়ে বিভিন্ন মহলে আলোচনা চলছে। সংশ্লিষ্ট মন্ত্রণালয়ের কর্মকর্তারা জানিয়েছেন, বিষয়টি নিয়ে শিগগিরই সিদ্ধান্ত নেওয়া হবে এবং সংশ্লিষ্ট সকল পক্ষের সঙ্গে আলোচনা করা হবে। স্থানীয় বাসিন্দারা বলেন, দীর্ঘদিন ধরে এ সমস্যা চলছে কিন্তু কোনো স্থায়ী সমাধান পাওয়া যায়নি। বিশেষজ্ঞরা মনে করেন, যথাযথ পরিকল্পনা ও বাস্তবায়নের মাধ্যমে এ পরিস্থিতির উন্নতি সম্ভব। জুলাই অভ্যুত্থানের পর দেশের রাজনৈতিক পরিস্থিতি ও অর্থনীতি নিয়ে বিভিন্ন মহলে আলোচনা চলছে। সংশ্লিষ্ট মন্ত্রণালয়ের কর্মকর্তারা জানিয়েছেন, বিষয়টি নিয়ে শিগগিরই সিদ্ধান্ত নেওয়া হবে এবং সংশ্লিষ্ট সকল পক্ষের সঙ্গে আলোচনা করা হবে। স্থানীয় বাসিন্দারা বলেন, দীর্ঘদিন ধরে এ সমস্যা চলছে কিন্তু কোনো স্থায়ী সমাধান পাওয়া যায়নি। বিশেষজ্ঞরা মনে করেন, যথাযথ পরিকল্পনা ও বাস্তবায়নের মাধ্যমে এ পরিস্থিতির উন্নতি সম্ভব। জুলাই অভ্যুত্থানের পর দেশের রাজনৈতিক পরিস্থিতি ও অর্থনীতি নিয়ে বিভিন্ন মহলে আলোচনা চলছে। সংশ্লিষ্ট

উপকূলের প্লাস্টিক

জুলাই অভ্যুত্থানের পর দেশের রাজনৈতিক পরিস্থিতি ও অর্থনীতি নিয়ে বিভিন্ন মহলে আলোচনা চলছে। সংশ্লিষ্ট মন্ত্রণালয়ের কর্মকর্তারা জানিয়েছেন, বিষয়টি নিয়ে শিগগিরই সিদ্ধান্ত নেওয়া হবে এবং সংশ্লিষ্ট সকল পক্ষের সঙ্গে আলোচনা করা হবে। স্থানীয় বাসিন্দারা বলেন, দীর্ঘদিন ধরে এ সমস্যা চলছে কিন্তু কোনো স্থায়ী সমাধান পাওয়া যায়নি। বিশেষজ্ঞরা মনে করেন, যথাযথ পরিকল্পনা ও বাস্তবায়নের মাধ্যমে এ পরিস্থিতির উন্নতি সম্ভব। জুলাই অভ্যুত্থানের পর দেশের রাজনৈতিক পরিস্থিতি ও অর্থনীতি নিয়ে বিভিন্ন মহলে আলোচনা চলছে। সংশ্লিষ্ট মন্ত্রণালয়ের কর্মকর্তারা জানিয়েছেন, বিষয়টি নিয়ে শিগগিরই সিদ্ধান্ত নেওয়া হবে এবং সংশ্লিষ্ট সকল পক্ষের সঙ্গে আলোচনা করা হবে। স্থানীয় বাসিন্দারা বলেন, দীর্ঘদিন ধরে এ সমস্যা চলছে কিন্তু কোনো স্থায়ী সমাধান পাওয়া যায়নি। বিশেষজ্ঞরা মনে করেন, যথাযথ পরিকল্পনা ও বাস্তবায়নের মাধ্যমে এ পরিস্থিতির উন্নতি সম্ভব। জুলাই অভ্যুত্থানের পর দেশের রাজনৈতিক পরিস্থিতি ও অর্থনীতি নিয়ে বিভিন্ন মহলে আলোচনা চলছে। সংশ্লিষ্ট মন্ত্রণালয়ের কর্মকর্তারা জানিয়েছেন, বিষয়টি নিয়ে শিগগিরই সিদ্ধান্ত নেওয়া হবে এবং সংশ্লিষ্ট সকল পক্ষের সঙ্গে আলোচনা করা হবে। স্থানীয় বাসিন্দারা বলেন, দীর্ঘদিন ধরে এ সমস্যা চলছে কিন্তু কোনো স্থায়ী সমাধান পাওয়া যায়নি। বিশেষজ্ঞরা মনে করেন, যথাযথ পরিকল্পনা ও বাস্তবায়নের মাধ্যমে এ পরিস্থিতির উন্নতি সম্ভব। জুলাই অভ্যুত্থানের পর দেশের রাজনৈতিক পরিস্থিতি ও অর্থনীতি নিয়ে বিভিন্ন মহলে আলোচনা চলছে। সংশ্লিষ্ট মন্ত্রণালয়ের কর্মকর্তারা জানিয়েছেন, বিষয়টি নিয়ে শিগগিরই সিদ্ধান্ত নেওয়া হবে এবং সংশ্লিষ্ট সকল পক্ষের সঙ্গে আলোচনা করা হবে। স্থানীয় বাসিন্দারা বলেন, দীর্ঘদিন ধরে এ সমস্যা চলছে কিন্তু কোনো স্থায়ী সমাধান পাওয়া যায়নি। বিশেষজ্ঞরা মনে করেন, যথাযথ পরিকল্পনা ও বাস্তবায়নের মাধ্যমে এ পরিস্থিতির উন্নতি সম্ভব। জুলাই অভ্যুত্থানের পর দেশের রাজনৈতিক পরিস্থিতি ও অর্থনীতি নিয়ে বিভিন্ন মহলে আলোচনা চলছে। সংশ্লিষ্ট মন্ত্রণালয়ের কর্মকর্তারা জানিয়েছেন, বিষয়টি নিয়ে শিগগিরই সিদ্ধান্ত নেওয়া হবে এবং সংশ্লিষ্ট সকল পক্ষের সঙ্গে আলোচনা করা হবে। স্থানীয় বাসিন্দারা বলেন, দীর্ঘদিন ধরে এ সমস্যা চলছে কিন্তু কোনো স্থায়ী সমাধান পাওয়া যায়নি। বিশেষজ্ঞরা মনে করেন, যথাযথ পরিকল্পনা ও বাস্তবায়নের

কারাগারে প্রকল্পব্যবস্থা

জুলাই অভ্যুত্থানের পর দেশের রাজনৈতিক পরিস্থিতি ও অর্থনীতি নিয়ে বিভিন্ন মহলে আলোচনা চলছে। সংশ্লিষ্ট মন্ত্রণালয়ের কর্মকর্তারা জানিয়েছেন, বিষয়টি নিয়ে শিগগিরই সিদ্ধান্ত নেওয়া হবে এবং সংশ্লিষ্ট সকল পক্ষের সঙ্গে আলোচনা করা হবে। স্থানীয় বাসিন্দারা বলেন, দীর্ঘদিন ধরে এ সমস্যা চলছে কিন্তু কোনো স্থায়ী সমাধান পাওয়া যায়নি। বিশেষজ্ঞরা মনে করেন, যথাযথ পরিকল্পনা ও বাস্তবায়নের মাধ্যমে এ পরিস্থিতির উন্নতি সম্ভব। জুলাই অভ্যুত্থানের পর দেশের রাজনৈতিক পরিস্থিতি ও অর্থনীতি নিয়ে বিভিন্ন মহলে আলোচনা চলছে। সংশ্লিষ্ট মন্ত্রণালয়ের কর্মকর্তারা জানিয়েছেন, বিষয়টি নিয়ে শিগগিরই সিদ্ধান্ত নেওয়া হবে এবং সংশ্লিষ্ট সকল পক্ষের সঙ্গে আলোচনা করা হবে। স্থানীয় বাসিন্দারা বলেন, দীর্ঘদিন ধরে এ সমস্যা চলছে কিন্তু কোনো স্থায়ী সমাধান পাওয়া যায়নি। বিশেষজ্ঞরা মনে করেন, যথাযথ পরিকল্পনা ও বাস্তবায়নের মাধ্যমে এ পরিস্থিতির উন্নতি সম্ভব। জুলাই অভ্যুত্থানের পর দেশের রাজনৈতিক পরিস্থিতি ও অর্থনীতি নিয়ে বিভিন্ন মহলে আলোচনা চলছে। সংশ্লিষ্ট মন্ত্রণালয়ের কর্মকর্তারা জানিয়েছেন, বিষয়টি নিয়ে শিগগিরই সিদ্ধান্ত নেওয়া হবে এবং সংশ্লিষ্ট সকল পক্ষের সঙ্গে আলোচনা করা হবে। স্থানীয় বাসিন্দারা বলেন, দীর্ঘদিন ধরে এ সমস্যা চলছে কিন্তু কোনো স্থায়ী সমাধান পাওয়া যায়নি। বিশেষজ্ঞরা মনে করেন, যথাযথ পরিকল্পনা ও বাস্তবায়নের মাধ্যমে এ পরিস্থিতির উন্নতি সম্ভব। জুলাই অভ্যুত্থানের পর দেশের রাজনৈতিক পরিস্থিতি ও অর্থনীতি নিয়ে বিভিন্ন মহলে আলোচনা চলছে। সংশ্লিষ্ট মন্ত্রণালয়ের কর্মকর্তারা জানিয়েছেন, বিষয়টি নিয়ে শিগগিরই সিদ্ধান্ত নেওয়া হবে এবং সংশ্লিষ্ট সকল পক্ষের সঙ্গে আলোচনা করা হবে। স্থানীয় বাসিন্দারা বলেন, দীর্ঘদিন ধরে এ সমস্যা চলছে কিন্তু কোনো স্থায়ী সমাধান পাওয়া যায়নি। বিশেষজ্ঞরা মনে করেন, যথাযথ পরিকল্পনা ও বাস্তবায়নের মাধ্যমে এ পরিস্থিতির উন্নতি সম্ভব। জুলাই অভ্যুত্থানের পর দেশের রাজনৈতিক পরিস্থিতি ও অর্থনীতি নিয়ে বিভিন্ন মহলে আলোচনা চলছে। সংশ্লিষ্ট মন্ত্রণালয়ের কর্মকর্তারা জানিয়েছেন, বিষয়টি নিয়ে শিগগিরই সিদ্ধান্ত নেওয়া হবে এবং সংশ্লিষ্ট সকল পক্ষের সঙ্গে আলোচনা করা হবে। স্থানীয় বাসিন্দারা বলেন, দীর্ঘদিন ধরে এ সমস্যা চলছে কিন্তু কোনো স্থায়ী সমাধান পাওয়া যায়নি। বিশেষজ্ঞরা মনে করেন, যথাযথ পরিকল্পনা ও বাস্তবায়নের মাধ্যমে এ পরিস্থিতির উন্নতি সম্ভব। জুলাই অভ্যুত্থানের পর দেশের রাজনৈতিক পরিস্থিতি ও অর্থনীতি নিয়ে বিভিন্ন মহলে আলোচনা চলছে। সংশ্লিষ্ট মন্ত্রণালয়ের কর্মকর্তারা জানিয়েছেন, বিষয়টি নিয়ে শিগগিরই সিদ্ধান্ত নেওয়া হবে এবং সংশ্লিষ্ট সকল পক্ষের সঙ্গে আলোচনা করা হবে। স্থানীয় বাসিন্দারা বলেন, দীর্ঘদিন ধরে এ সমস্যা চলছে কিন্তু কোনো স্থায়ী সমাধান পাওয়া যায়নি। বিশেষজ্ঞরা মনে করেন, যথাযথ পরিকল্পনা ও বাস্তবায়নের মাধ্যমে এ পরিস্থিতির উন্নতি সম্ভব।

এমপিওভুক্ত হচ্ছে

জুলাই অভ্যুত্থানের পর দেশের রাজনৈতিক পরিস্থিতি ও অর্থনীতি নিয়ে বিভিন্ন মহলে আলোচনা চলছে। সংশ্লিষ্ট মন্ত্রণালয়ের কর্মকর্তারা জানিয়েছেন, বিষয়টি নিয়ে শিগগিরই

রেলের আয় বাড়াতে প্রস্তুত

জুলাই অভ্যুত্থানের পর দেশের রাজনৈতিক পরিস্থিতি ও অর্থনীতি নিয়ে বিভিন্ন মহলে আলোচনা চলছে। সংশ্লিষ্ট মন্ত্রণালয়ের কর্মকর্তারা জানিয়েছেন, বিষয়টি নিয়ে শিগগিরই সিদ্ধান্ত নেওয়া হবে এবং সংশ্লিষ্ট সকল পক্ষের সঙ্গে আলোচনা করা হবে। স্থানীয় বাসিন্দারা বলেন, দীর্ঘদিন ধরে এ সমস্যা চলছে কিন্তু কোনো স্থায়ী সমাধান পাওয়া যায়নি। বিশেষজ্ঞরা মনে করেন, যথাযথ পরিকল্পনা ও বাস্তবায়নের মাধ্যমে এ পরিস্থিতির উন্নতি সম্ভব। জুলাই অভ্যুত্থানের পর দেশের রাজনৈতিক পরিস্থিতি ও অর্থনীতি নিয়ে বিভিন্ন মহলে আলোচনা চলছে। সংশ্লিষ্ট মন্ত্রণালয়ের কর্মকর্তারা জানিয়েছেন, বিষয়টি নিয়ে শিগগিরই সিদ্ধান্ত নেওয়া হবে এবং সংশ্লিষ্ট সকল পক্ষের সঙ্গে আলোচনা করা হবে। স্থানীয় বাসিন্দারা বলেন, দীর্ঘদিন ধরে এ সমস্যা চলছে কিন্তু কোনো স্থায়ী সমাধান পাওয়া যায়নি। বিশেষজ্ঞরা মনে করেন, যথাযথ পরিকল্পনা ও বাস্তবায়নের মাধ্যমে এ পরিস্থিতির উন্নতি সম্ভব। জুলাই অভ্যুত্থানের পর দেশের রাজনৈতিক পরিস্থিতি ও অর্থনীতি নিয়ে বিভিন্ন মহলে আলোচনা চলছে। সংশ্লিষ্ট মন্ত্রণালয়ের কর্মকর্তারা জানিয়েছেন, বিষয়টি নিয়ে শিগগিরই সিদ্ধান্ত নেওয়া হবে এবং
